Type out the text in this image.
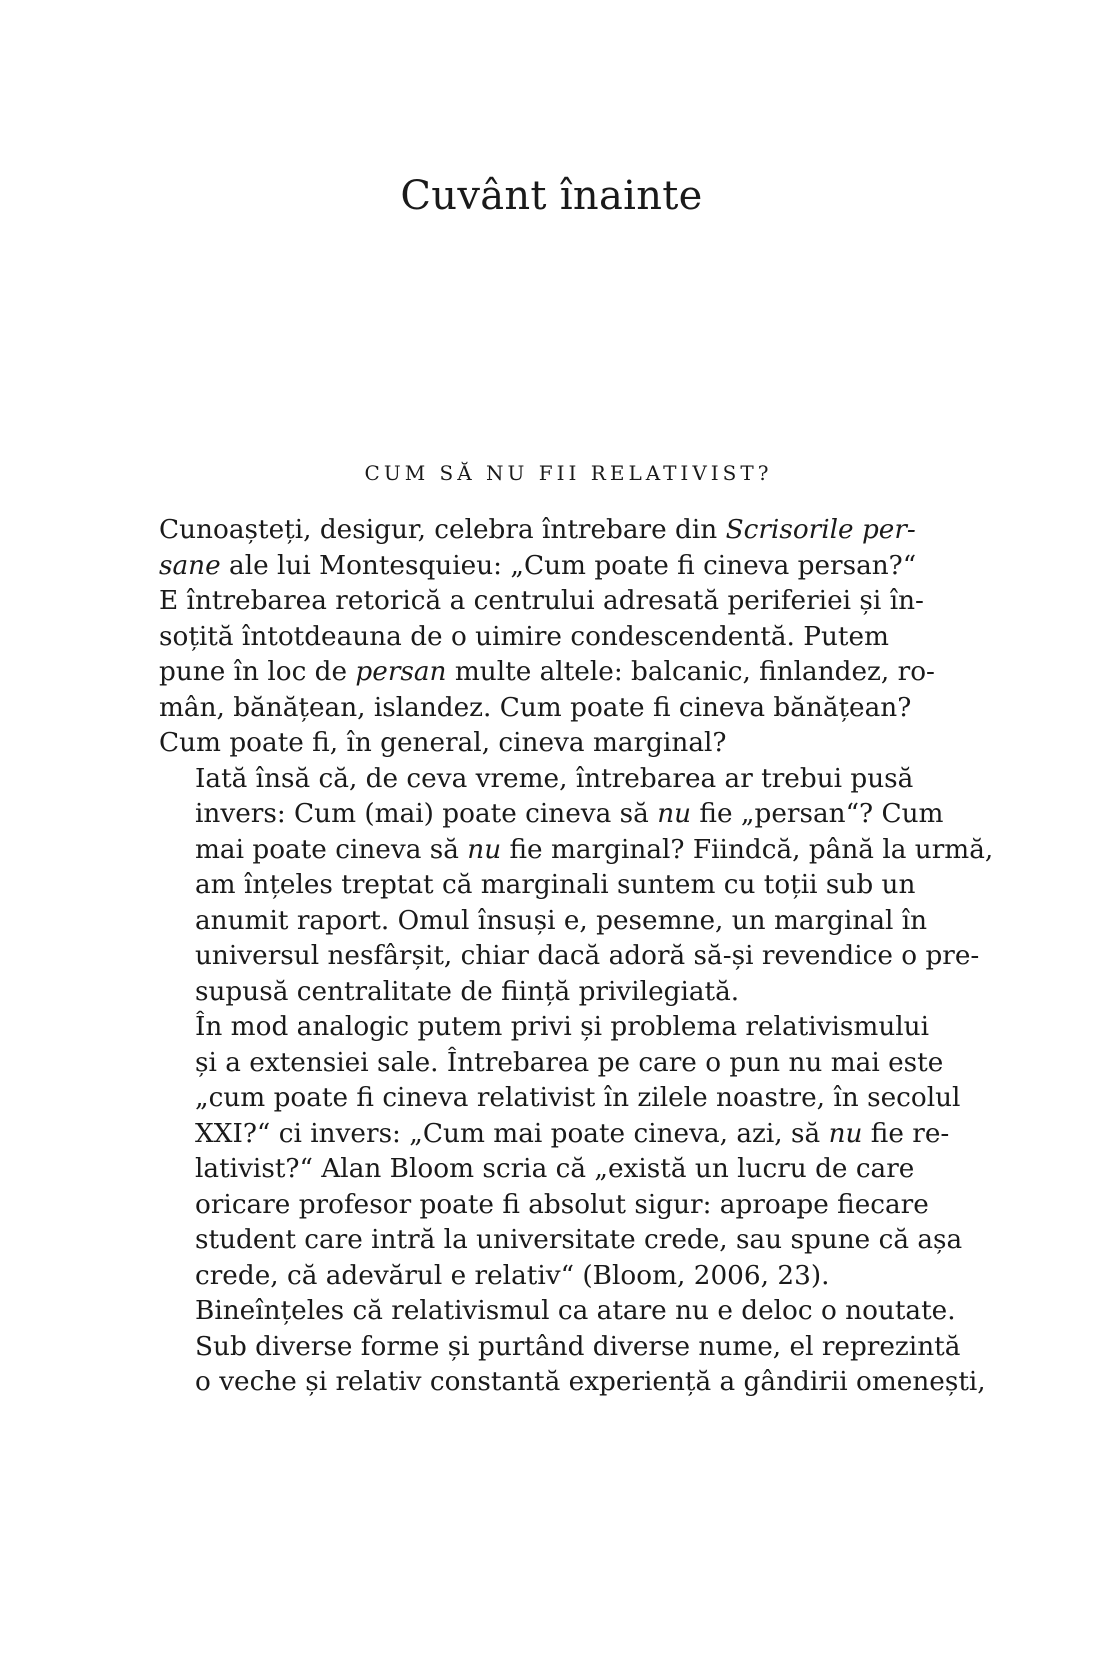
Cuvânt înainte
CUM SĂ NU FII RELATIVIST?

Cunoașteți, desigur, celebra întrebare din Scrisorile per-
sane ale lui Montesquieu: „Cum poate fi cineva persan?“
E întrebarea retorică a centrului adresată periferiei și în-
soțită întotdeauna de o uimire condescendentă. Putem
pune în loc de persan multe altele: balcanic, finlandez, ro-
mân, bănățean, islandez. Cum poate fi cineva bănățean?
Cum poate fi, în general, cineva marginal?

Iată însă că, de ceva vreme, întrebarea ar trebui pusă
invers: Cum (mai) poate cineva să nu fie „persan“? Cum
mai poate cineva să nu fie marginal? Fiindcă, până la urmă,
am înțeles treptat că marginali suntem cu toții sub un
anumit raport. Omul însuși e, pesemne, un marginal în
universul nesfârșit, chiar dacă adoră să-și revendice o pre-
supusă centralitate de ființă privilegiată.

În mod analogic putem privi și problema relativismului
și a extensiei sale. Întrebarea pe care o pun nu mai este
„cum poate fi cineva relativist în zilele noastre, în secolul
XXI?“ ci invers: „Cum mai poate cineva, azi, să nu fie re-
lativist?“ Alan Bloom scria că „există un lucru de care
oricare profesor poate fi absolut sigur: aproape fiecare
student care intră la universitate crede, sau spune că așa
crede, că adevărul e relativ“ (Bloom, 2006, 23).

Bineînțeles că relativismul ca atare nu e deloc o noutate.
Sub diverse forme și purtând diverse nume, el reprezintă
o veche și relativ constantă experiență a gândirii omenești,
